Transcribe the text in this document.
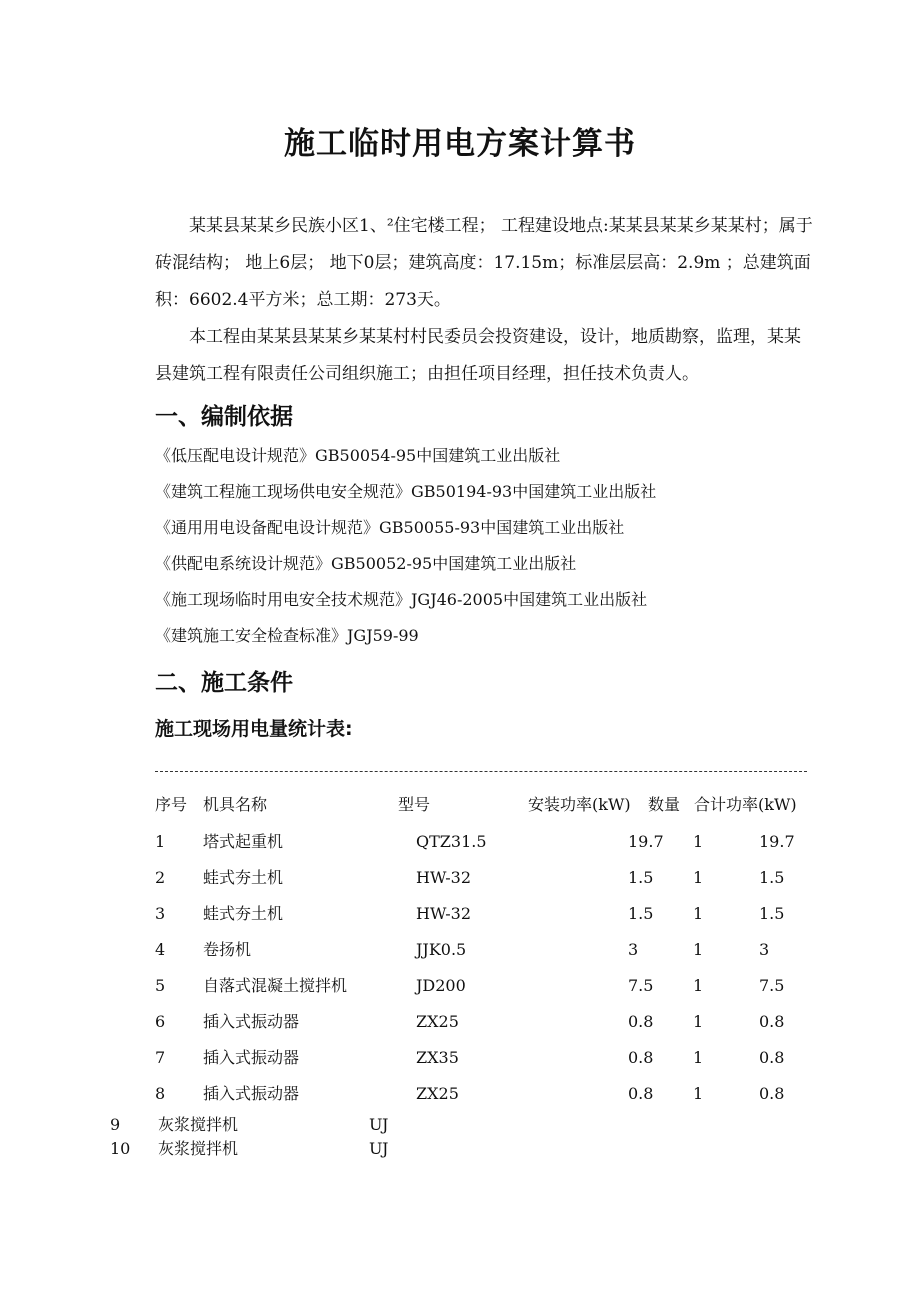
施工临时用电方案计算书

某某县某某乡民族小区1、²住宅楼工程； 工程建设地点:某某县某某乡某某村；属于砖混结构； 地上6层； 地下0层；建筑高度：17.15m；标准层层高：2.9m ；总建筑面积：6602.4平方米；总工期：273天。

本工程由某某县某某乡某某村村民委员会投资建设，设计，地质勘察，监理，某某县建筑工程有限责任公司组织施工；由担任项目经理，担任技术负责人。

一、编制依据
《低压配电设计规范》GB50054-95中国建筑工业出版社
《建筑工程施工现场供电安全规范》GB50194-93中国建筑工业出版社
《通用用电设备配电设计规范》GB50055-93中国建筑工业出版社
《供配电系统设计规范》GB50052-95中国建筑工业出版社
《施工现场临时用电安全技术规范》JGJ46-2005中国建筑工业出版社
《建筑施工安全检查标准》JGJ59-99
二、施工条件
施工现场用电量统计表:
序号 机具名称	型号	安装功率(kW) 数量 合计功率(kW)
1 塔式起重机	QTZ31.5	19.7 1	19.7
2 蛙式夯土机	HW-32	1.5 1	1.5
3 蛙式夯土机	HW-32	1.5 1	1.5
4 卷扬机	JJK0.5	3	1	3
5 自落式混凝土搅拌机	JD200	7.5 1	7.5
6 插入式振动器	ZX25	0.8 1	0.8
7 插入式振动器	ZX35	0.8 1	0.8
8 插入式振动器	ZX25	0.8 1	0.8
9 灰浆搅拌机	UJ
10 灰浆搅拌机	UJ
